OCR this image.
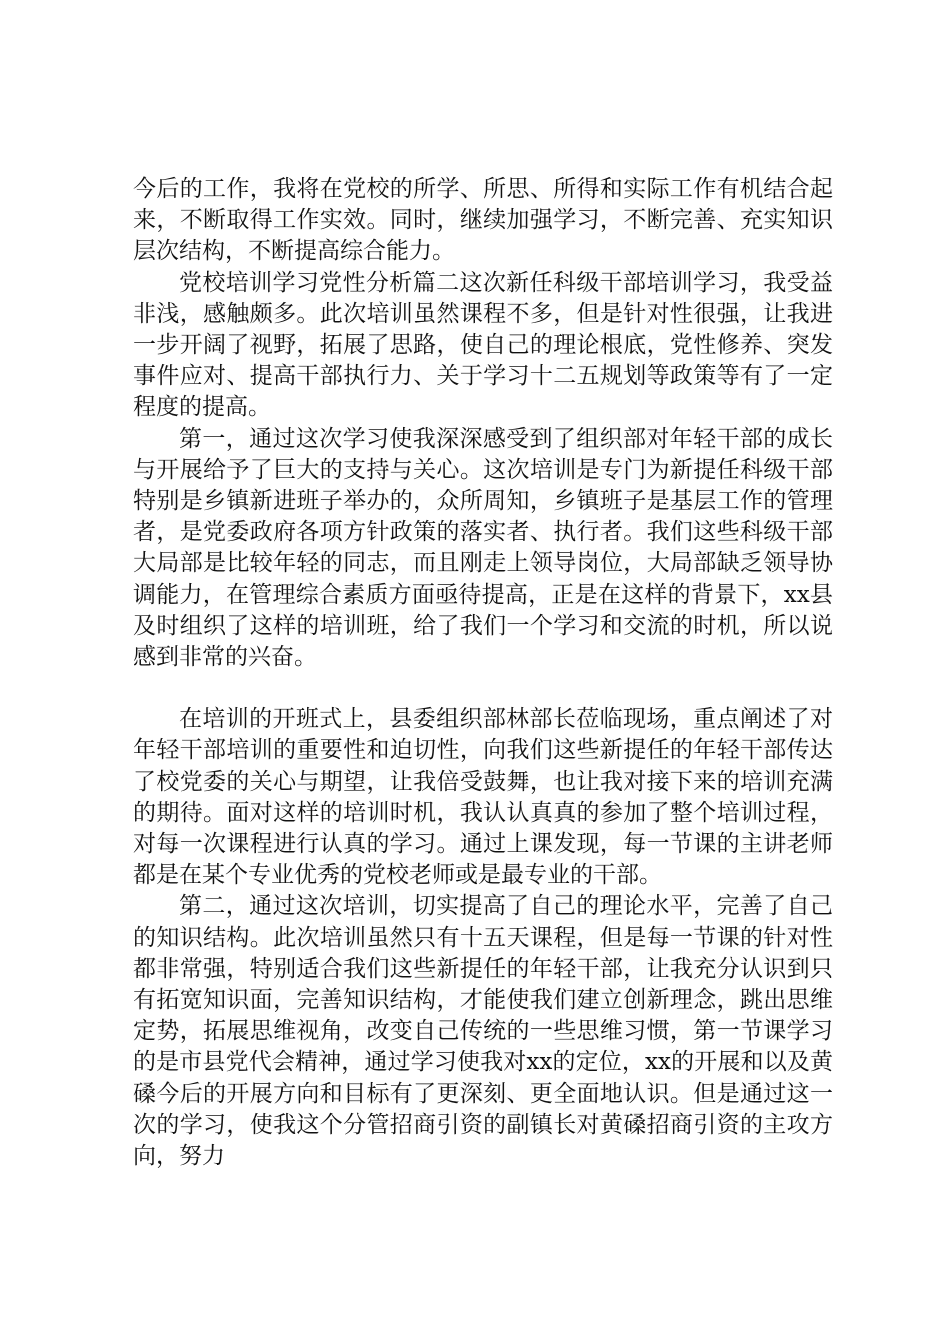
今后的工作，我将在党校的所学、所思、所得和实际工作有机结合起来，不断取得工作实效。同时，继续加强学习，不断完善、充实知识层次结构，不断提高综合能力。

党校培训学习党性分析篇二这次新任科级干部培训学习，我受益非浅，感触颇多。此次培训虽然课程不多，但是针对性很强，让我进一步开阔了视野，拓展了思路，使自己的理论根底，党性修养、突发事件应对、提高干部执行力、关于学习十二五规划等政策等有了一定程度的提高。

第一，通过这次学习使我深深感受到了组织部对年轻干部的成长与开展给予了巨大的支持与关心。这次培训是专门为新提任科级干部特别是乡镇新进班子举办的，众所周知，乡镇班子是基层工作的管理者，是党委政府各项方针政策的落实者、执行者。我们这些科级干部大局部是比较年轻的同志，而且刚走上领导岗位，大局部缺乏领导协调能力，在管理综合素质方面亟待提高，正是在这样的背景下，xx县及时组织了这样的培训班，给了我们一个学习和交流的时机，所以说感到非常的兴奋。

在培训的开班式上，县委组织部林部长莅临现场，重点阐述了对年轻干部培训的重要性和迫切性，向我们这些新提任的年轻干部传达了校党委的关心与期望，让我倍受鼓舞，也让我对接下来的培训充满的期待。面对这样的培训时机，我认认真真的参加了整个培训过程，对每一次课程进行认真的学习。通过上课发现，每一节课的主讲老师都是在某个专业优秀的党校老师或是最专业的干部。

第二，通过这次培训，切实提高了自己的理论水平，完善了自己的知识结构。此次培训虽然只有十五天课程，但是每一节课的针对性都非常强，特别适合我们这些新提任的年轻干部，让我充分认识到只有拓宽知识面，完善知识结构，才能使我们建立创新理念，跳出思维定势，拓展思维视角，改变自己传统的一些思维习惯，第一节课学习的是市县党代会精神，通过学习使我对xx的定位，xx的开展和以及黄磉今后的开展方向和目标有了更深刻、更全面地认识。但是通过这一次的学习，使我这个分管招商引资的副镇长对黄磉招商引资的主攻方向，努力
